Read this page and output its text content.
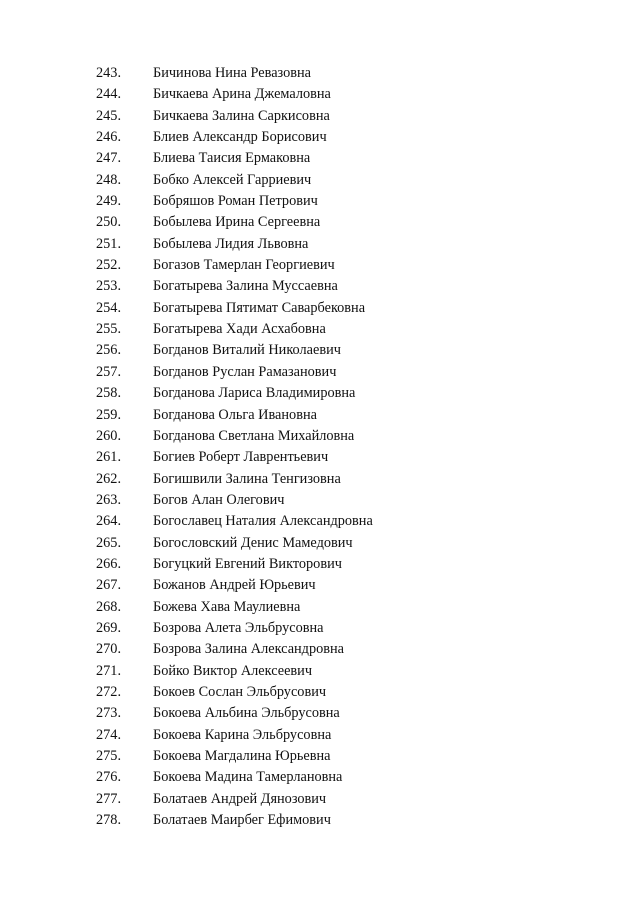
243.	Бичинова Нина Ревазовна
244.	Бичкаева Арина Джемаловна
245.	Бичкаева Залина Саркисовна
246.	Блиев Александр Борисович
247.	Блиева Таисия Ермаковна
248.	Бобко Алексей Гарриевич
249.	Бобряшов Роман Петрович
250.	Бобылева Ирина Сергеевна
251.	Бобылева Лидия Львовна
252.	Богазов Тамерлан Георгиевич
253.	Богатырева Залина Муссаевна
254.	Богатырева Пятимат Саварбековна
255.	Богатырева Хади Асхабовна
256.	Богданов Виталий Николаевич
257.	Богданов Руслан Рамазанович
258.	Богданова Лариса Владимировна
259.	Богданова Ольга Ивановна
260.	Богданова Светлана Михайловна
261.	Богиев Роберт Лаврентьевич
262.	Богишвили Залина Тенгизовна
263.	Богов Алан Олегович
264.	Богославец Наталия Александровна
265.	Богословский Денис Мамедович
266.	Богуцкий Евгений Викторович
267.	Божанов Андрей Юрьевич
268.	Божева Хава Маулиевна
269.	Бозрова Алета Эльбрусовна
270.	Бозрова Залина Александровна
271.	Бойко Виктор Алексеевич
272.	Бокоев Сослан Эльбрусович
273.	Бокоева Альбина Эльбрусовна
274.	Бокоева Карина Эльбрусовна
275.	Бокоева Магдалина Юрьевна
276.	Бокоева Мадина Тамерлановна
277.	Болатаев Андрей Дянозович
278.	Болатаев Маирбег Ефимович
